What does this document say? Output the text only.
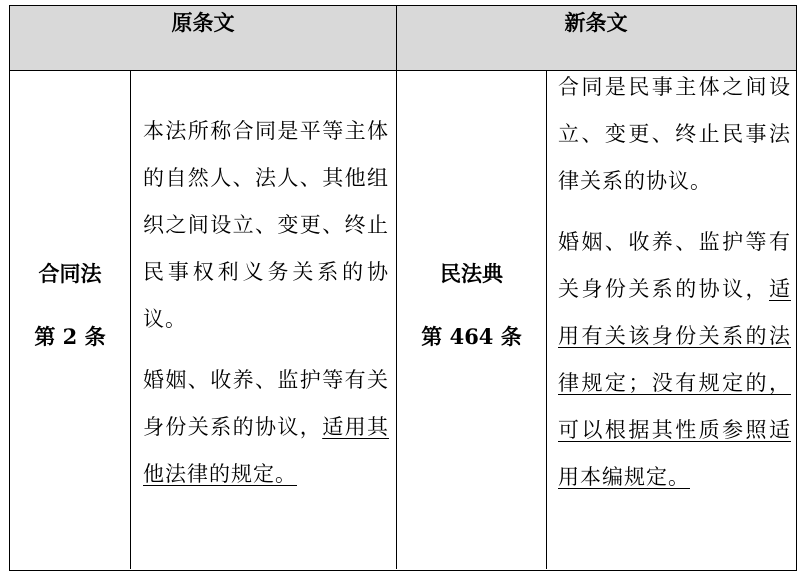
原条文	新条文
合同法
第 2 条

本法所称合同是平等主体的自然人、法人、其他组织之间设立、变更、终止民事权利义务关系的协议。

婚姻、收养、监护等有关身份关系的协议，适用其他法律的规定。

民法典
第 464 条

合同是民事主体之间设立、变更、终止民事法律关系的协议。

婚姻、收养、监护等有关身份关系的协议，适用有关该身份关系的法律规定；没有规定的，可以根据其性质参照适用本编规定。
